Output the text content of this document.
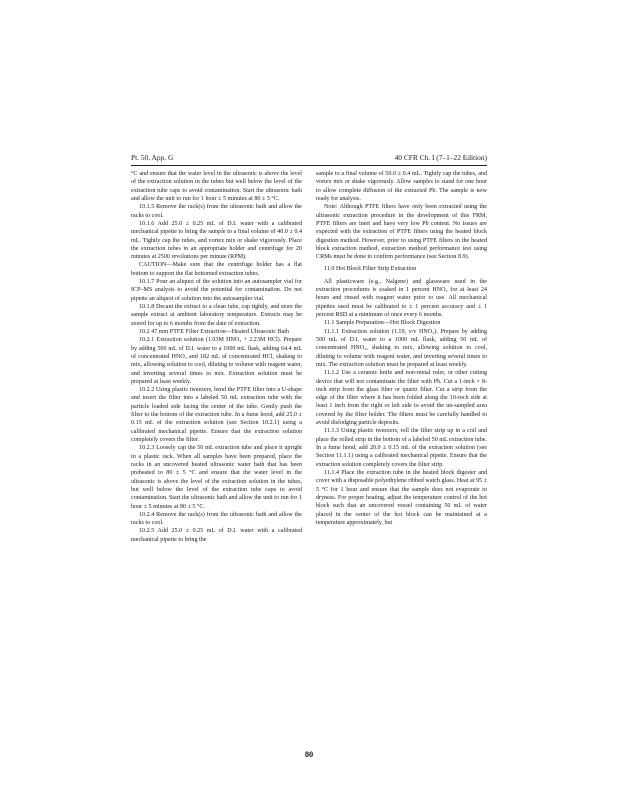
Pt. 50, App. G	40 CFR Ch. I (7–1–22 Edition)

°C and ensure that the water level in the ultrasonic is above the level of the extraction solution in the tubes but well below the level of the extraction tube caps to avoid contamination. Start the ultrasonic bath and allow the unit to run for 1 hour ± 5 minutes at 80 ± 5 °C.

10.1.5 Remove the rack(s) from the ultrasonic bath and allow the racks to cool.

10.1.6 Add 25.0 ± 0.25 mL of D.I. water with a calibrated mechanical pipette to bring the sample to a final volume of 40.0 ± 0.4 mL. Tightly cap the tubes, and vortex mix or shake vigorously. Place the extraction tubes in an appropriate holder and centrifuge for 20 minutes at 2500 revolutions per minute (RPM).

CAUTION—Make sure that the centrifuge holder has a flat bottom to support the flat bottomed extraction tubes.

10.1.7 Pour an aliquot of the solution into an autosampler vial for ICP–MS analysis to avoid the potential for contamination. Do not pipette an aliquot of solution into the autosampler vial.

10.1.8 Decant the extract to a clean tube, cap tightly, and store the sample extract at ambient laboratory temperature. Extracts may be stored for up to 6 months from the date of extraction.

10.2 47 mm PTFE Filter Extraction—Heated Ultrasonic Bath

10.2.1 Extraction solution (1.03M HNO₃ + 2.23M HCl). Prepare by adding 500 mL of D.I. water to a 1000 mL flask, adding 64.4 mL of concentrated HNO₃ and 182 mL of concentrated HCl, shaking to mix, allowing solution to cool, diluting to volume with reagent water, and inverting several times to mix. Extraction solution must be prepared at least weekly.

10.2.2 Using plastic tweezers, bend the PTFE filter into a U-shape and insert the filter into a labeled 50 mL extraction tube with the particle loaded side facing the center of the tube. Gently push the filter to the bottom of the extraction tube. In a fume hood, add 25.0 ± 0.15 mL of the extraction solution (see Section 10.2.1) using a calibrated mechanical pipette. Ensure that the extraction solution completely covers the filter.

10.2.3 Loosely cap the 50 mL extraction tube and place it upright in a plastic rack. When all samples have been prepared, place the racks in an uncovered heated ultrasonic water bath that has been preheated to 80 ± 5 °C and ensure that the water level in the ultrasonic is above the level of the extraction solution in the tubes, but well below the level of the extraction tube caps to avoid contamination. Start the ultrasonic bath and allow the unit to run for 1 hour ± 5 minutes at 80 ± 5 °C.

10.2.4 Remove the rack(s) from the ultrasonic bath and allow the racks to cool.

10.2.5 Add 25.0 ± 0.25 mL of D.I. water with a calibrated mechanical pipette to bring the

sample to a final volume of 50.0 ± 0.4 mL. Tightly cap the tubes, and vortex mix or shake vigorously. Allow samples to stand for one hour to allow complete diffusion of the extracted Pb. The sample is now ready for analysis.

Note: Although PTFE filters have only been extracted using the ultrasonic extraction procedure in the development of this FRM, PTFE filters are inert and have very low Pb content. No issues are expected with the extraction of PTFE filters using the heated block digestion method. However, prior to using PTFE filters in the heated block extraction method, extraction method performance test using CRMs must be done to confirm performance (see Section 8.9).

11.0 Hot Block Filter Strip Extraction

All plasticware (e.g., Nalgene) and glassware used in the extraction procedures is soaked in 1 percent HNO₃ for at least 24 hours and rinsed with reagent water prior to use. All mechanical pipettes used must be calibrated to ± 1 percent accuracy and ± 1 percent RSD at a minimum of once every 6 months.

11.1 Sample Preparation—Hot Block Digestion

11.1.1 Extraction solution (1.19, v/v HNO₃). Prepare by adding 500 mL of D.I. water to a 1000 mL flask, adding 50 mL of concentrated HNO₃, shaking to mix, allowing solution to cool, diluting to volume with reagent water, and inverting several times to mix. The extraction solution must be prepared at least weekly.

11.1.2 Use a ceramic knife and non-metal ruler, or other cutting device that will not contaminate the filter with Pb. Cut a 1-inch × 8-inch strip from the glass fiber or quartz filter. Cut a strip from the edge of the filter where it has been folded along the 10-inch side at least 1 inch from the right or left side to avoid the un-sampled area covered by the filter holder. The filters must be carefully handled to avoid dislodging particle deposits.

11.1.3 Using plastic tweezers, roll the filter strip up in a coil and place the rolled strip in the bottom of a labeled 50 mL extraction tube. In a fume hood, add 20.0 ± 0.15 mL of the extraction solution (see Section 11.1.1) using a calibrated mechanical pipette. Ensure that the extraction solution completely covers the filter strip.

11.1.4 Place the extraction tube in the heated block digester and cover with a disposable polyethylene ribbed watch glass. Heat at 95 ± 5 °C for 1 hour and ensure that the sample does not evaporate to dryness. For proper heating, adjust the temperature control of the hot block such that an uncovered vessel containing 50 mL of water placed in the center of the hot block can be maintained at a temperature approximately, but

80
